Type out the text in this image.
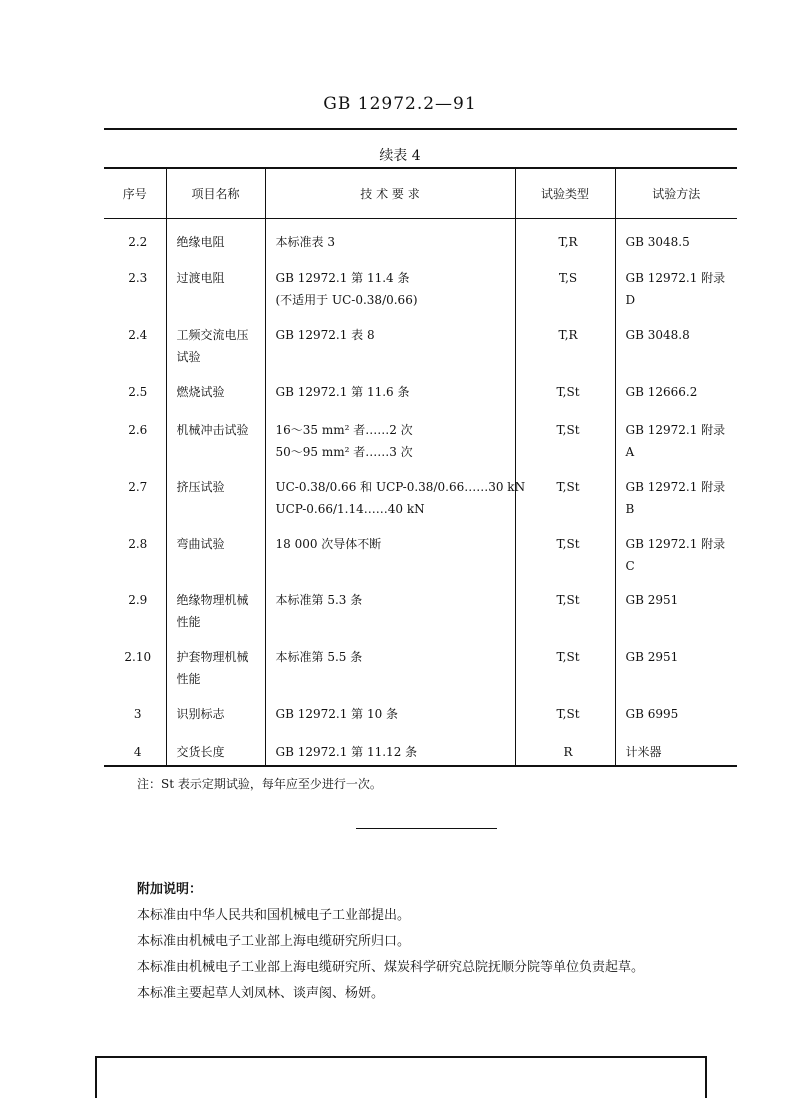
GB 12972.2—91
续表 4
序号	项目名称	技 术 要 求	试验类型	试验方法
2.2	绝缘电阻	本标准表 3	T,R	GB 3048.5
2.3	过渡电阻	GB 12972.1 第 11.4 条
(不适用于 UC-0.38/0.66)	T,S	GB 12972.1 附录 D
2.4	工频交流电压
试验	GB 12972.1 表 8	T,R	GB 3048.8
2.5	燃烧试验	GB 12972.1 第 11.6 条	T,St	GB 12666.2
2.6	机械冲击试验	16～35 mm² 者……2 次
50～95 mm² 者……3 次	T,St	GB 12972.1 附录 A
2.7	挤压试验	UC-0.38/0.66 和 UCP-0.38/0.66……30 kN
UCP-0.66/1.14……40 kN	T,St	GB 12972.1 附录 B
2.8	弯曲试验	18 000 次导体不断	T,St	GB 12972.1 附录 C
2.9	绝缘物理机械
性能	本标准第 5.3 条	T,St	GB 2951
2.10	护套物理机械
性能	本标准第 5.5 条	T,St	GB 2951
3	识别标志	GB 12972.1 第 10 条	T,St	GB 6995
4	交货长度	GB 12972.1 第 11.12 条	R	计米器
注：St 表示定期试验，每年应至少进行一次。
附加说明：
本标准由中华人民共和国机械电子工业部提出。
本标准由机械电子工业部上海电缆研究所归口。
本标准由机械电子工业部上海电缆研究所、煤炭科学研究总院抚顺分院等单位负责起草。
本标准主要起草人刘凤林、谈声阂、杨妍。
